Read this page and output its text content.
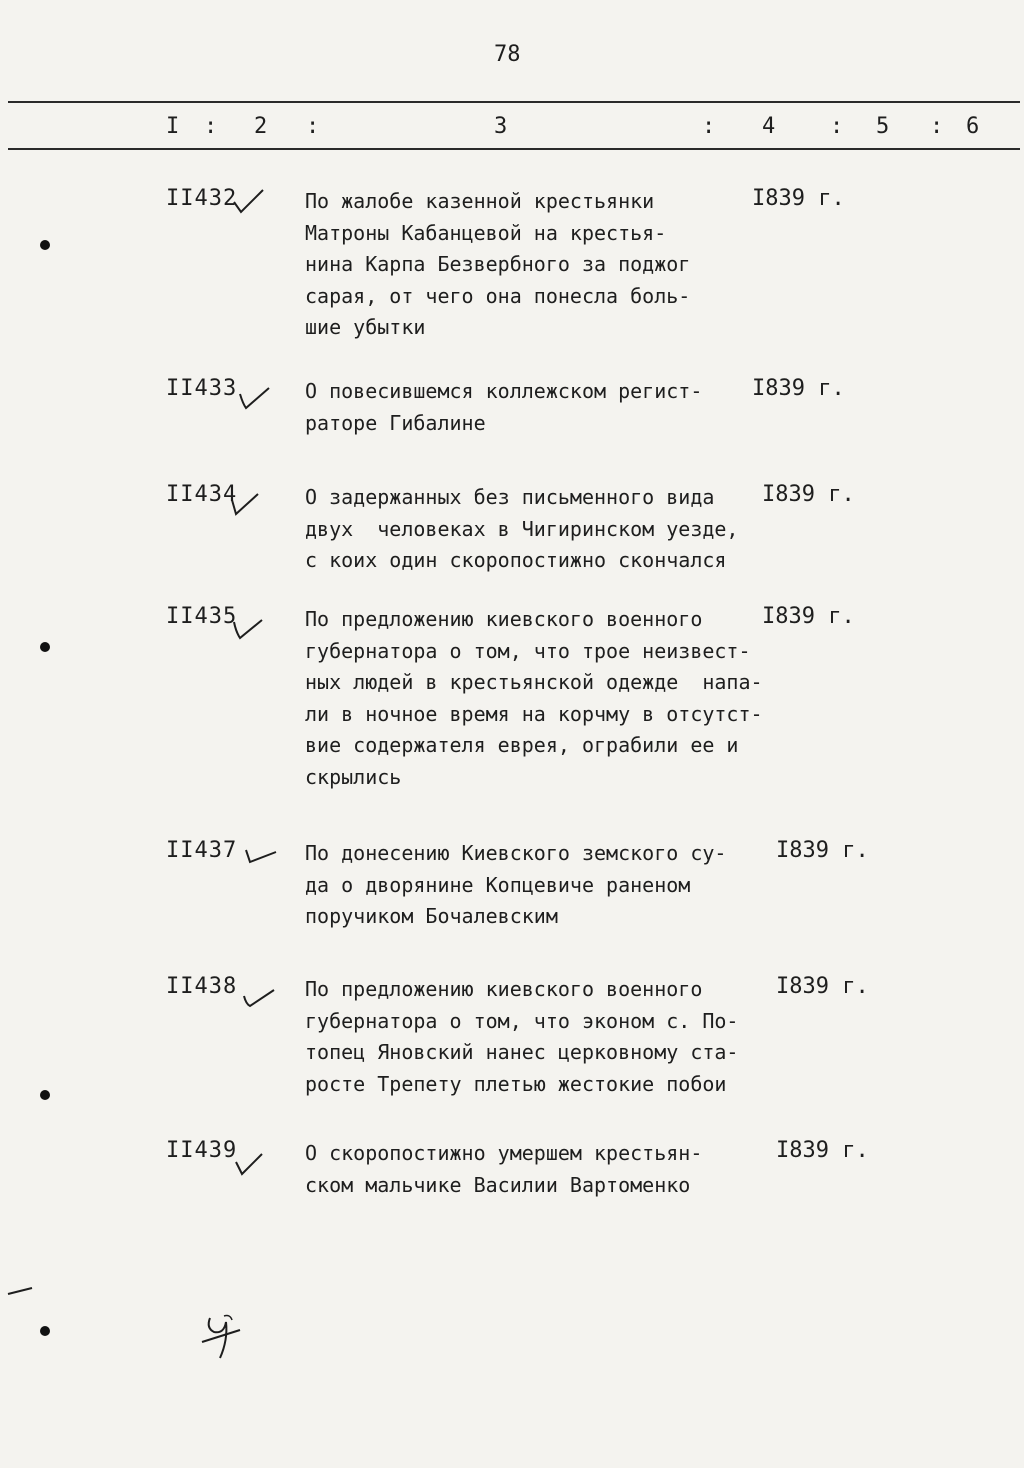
78
I : 2 :	3	: 4 : 5 : 6
II432	По жалобе казенной крестьянки
Матроны Кабанцевой на крестья-
нина Карпа Безвербного за поджог
сарая, от чего она понесла боль-
шие убытки
I839 г.
II433	О повесившемся коллежском регист-
раторе Гибалине
I839 г.
II434	О задержанных без письменного вида
двух  человеках в Чигиринском уезде,
с коих один скоропостижно скончался
I839 г.
II435	По предложению киевского военного
губернатора о том, что трое неизвест-
ных людей в крестьянской одежде  напа-
ли в ночное время на корчму в отсутст-
вие содержателя еврея, ограбили ее и
скрылись
I839 г.
II437	По донесению Киевского земского су-
да о дворянине Копцевиче раненом
поручиком Бочалевским
I839 г.
II438	По предложению киевского военного
губернатора о том, что эконом с. По-
топец Яновский нанес церковному ста-
росте Трепету плетью жестокие побои
I839 г.
II439	О скоропостижно умершем крестьян-
ском мальчике Василии Вартоменко
I839 г.
